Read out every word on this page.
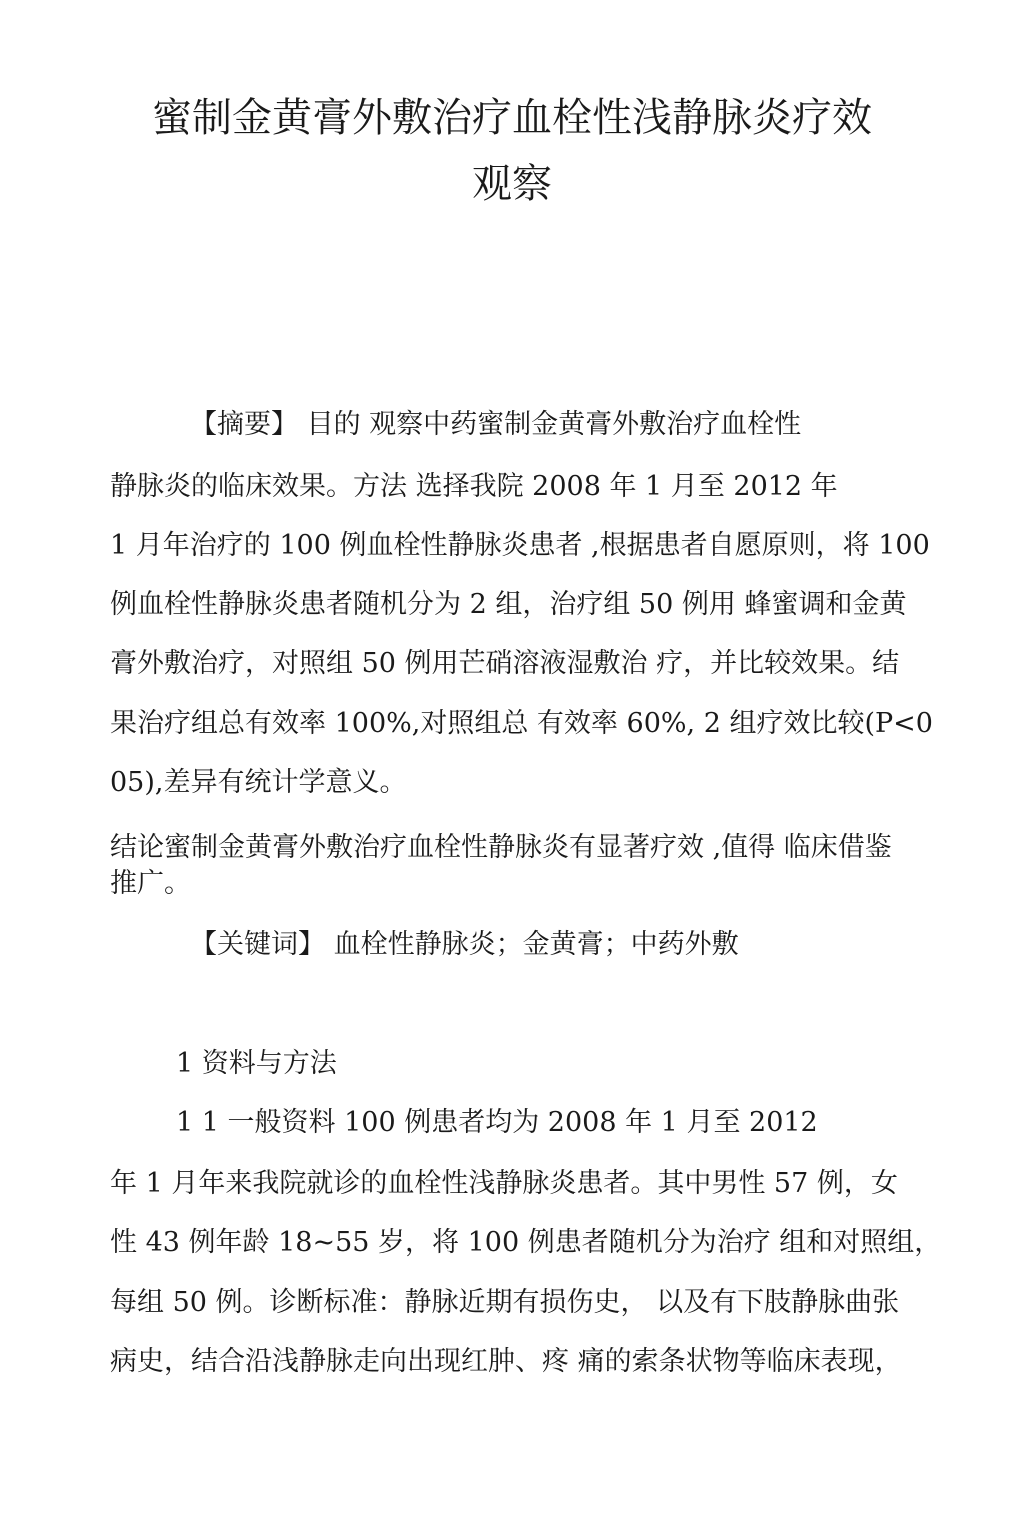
蜜制金黄膏外敷治疗血栓性浅静脉炎疗效
观察

【摘要】 目的 观察中药蜜制金黄膏外敷治疗血栓性

静脉炎的临床效果。方法 选择我院 2008 年 1 月至 2012 年

1 月年治疗的 100 例血栓性静脉炎患者 ,根据患者自愿原则，将 100

例血栓性静脉炎患者随机分为 2 组，治疗组 50 例用 蜂蜜调和金黄

膏外敷治疗，对照组 50 例用芒硝溶液湿敷治 疗，并比较效果。结

果治疗组总有效率 100%,对照组总 有效率 60%, 2 组疗效比较(P<0

05),差异有统计学意义。

结论蜜制金黄膏外敷治疗血栓性静脉炎有显著疗效 ,值得 临床借鉴

推广。

【关键词】 血栓性静脉炎；金黄膏；中药外敷

1 资料与方法

1 1 一般资料 100 例患者均为 2008 年 1 月至 2012

年 1 月年来我院就诊的血栓性浅静脉炎患者。其中男性 57 例，女

性 43 例年龄 18~55 岁，将 100 例患者随机分为治疗 组和对照组，

每组 50 例。诊断标准：静脉近期有损伤史， 以及有下肢静脉曲张

病史，结合沿浅静脉走向出现红肿、疼 痛的索条状物等临床表现，
